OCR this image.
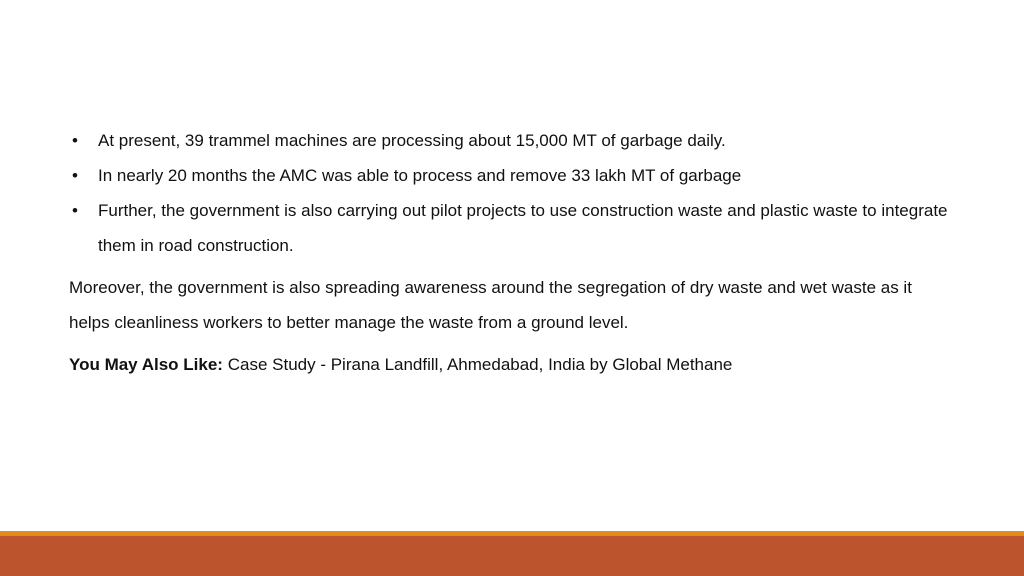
•
At present, 39 trammel machines are processing about 15,000 MT of garbage daily.
•
In nearly 20 months the AMC was able to process and remove 33 lakh MT of garbage
•
Further, the government is also carrying out pilot projects to use construction waste and plastic waste to integrate them in road construction.

Moreover, the government is also spreading awareness around the segregation of dry waste and wet waste as it helps cleanliness workers to better manage the waste from a ground level.

You May Also Like: Case Study - Pirana Landfill, Ahmedabad, India by Global Methane
